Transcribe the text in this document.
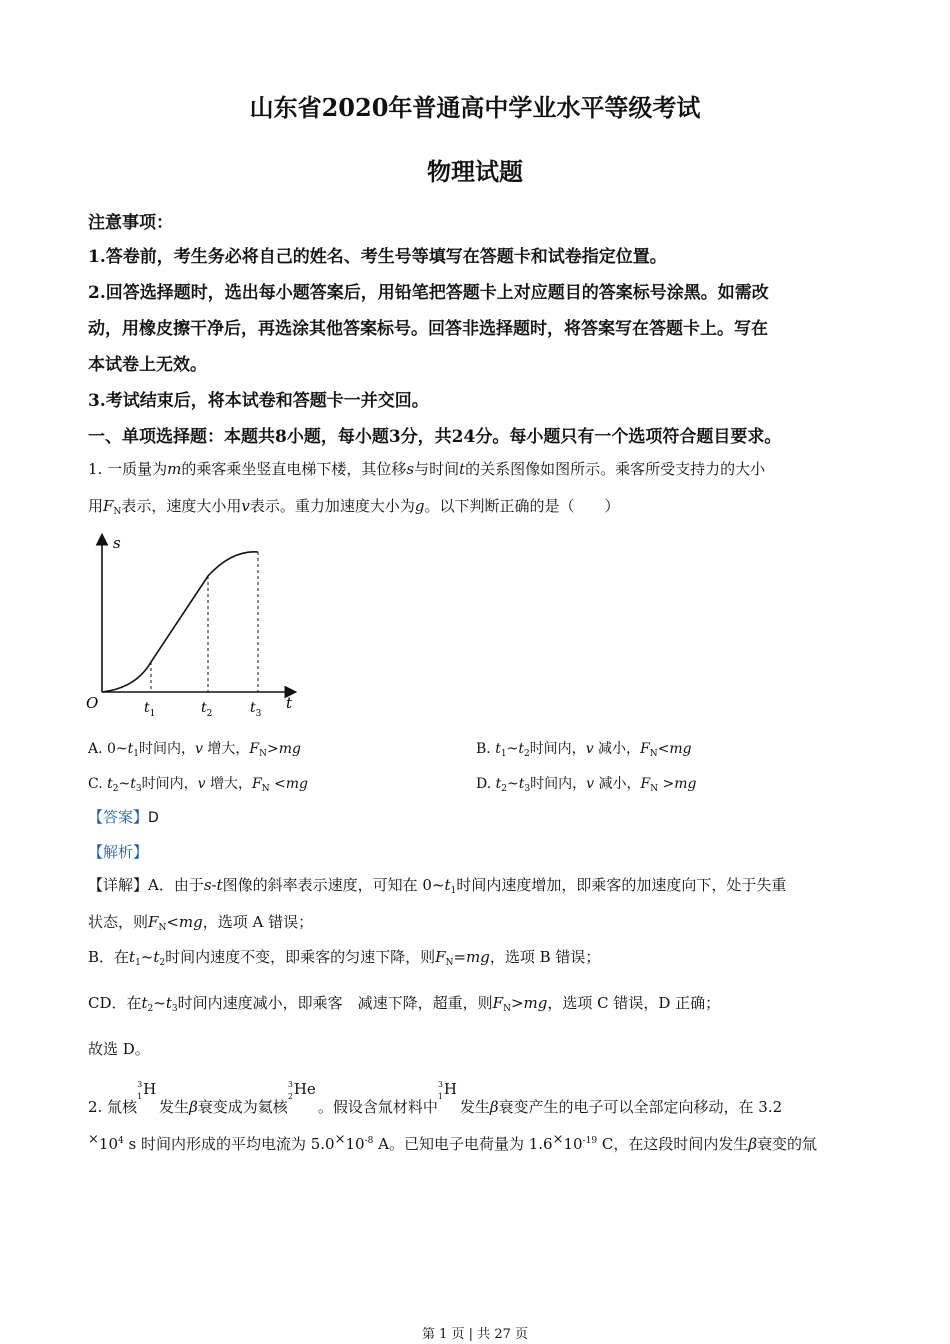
山东省2020年普通高中学业水平等级考试
物理试题
注意事项：
1.答卷前，考生务必将自己的姓名、考生号等填写在答题卡和试卷指定位置。
2.回答选择题时，选出每小题答案后，用铅笔把答题卡上对应题目的答案标号涂黑。如需改
动，用橡皮擦干净后，再选涂其他答案标号。回答非选择题时，将答案写在答题卡上。写在
本试卷上无效。
3.考试结束后，将本试卷和答题卡一并交回。
一、单项选择题：本题共8小题，每小题3分，共24分。每小题只有一个选项符合题目要求。
1. 一质量为m的乘客乘坐竖直电梯下楼，其位移s与时间t的关系图像如图所示。乘客所受支持力的大小
用$F_N$表示，速度大小用v表示。重力加速度大小为g。以下判断正确的是（　　）
s
t
O	$t_1$	$t_2$	$t_3$
A. $0\sim t_1$时间内，v 增大，$F_N>mg$	B. $t_1\sim t_2$时间内，v 减小，$F_N<mg$
C. $t_2\sim t_3$时间内，v 增大，$F_N <mg$	D. $t_2\sim t_3$时间内，v 减小，$F_N >mg$
【答案】D
【解析】
【详解】A．由于s-t图像的斜率表示速度，可知在 $0\sim t_1$时间内速度增加，即乘客的加速度向下，处于失重
状态，则$F_N<mg$，选项 A 错误；
B．在$t_1\sim t_2$时间内速度不变，即乘客的匀速下降，则$F_N=mg$，选项 B 错误；
CD．在$t_2\sim t_3$时间内速度减小，即乘客　减速下降，超重，则$F_N>mg$，选项 C 错误，D 正确；
故选 D。
2. 氚核
3
1 H
发生β衰变成为氦核
3
2 He
。假设含氚材料中
3
1 H
发生β衰变产生的电子可以全部定向移动，在 3.2
$\times 10^4$ s 时间内形成的平均电流为 $5.0\times 10^{-8}$ A。已知电子电荷量为 $1.6\times 10^{-19}$ C，在这段时间内发生β衰变的氚
第 1 页 | 共 27 页
